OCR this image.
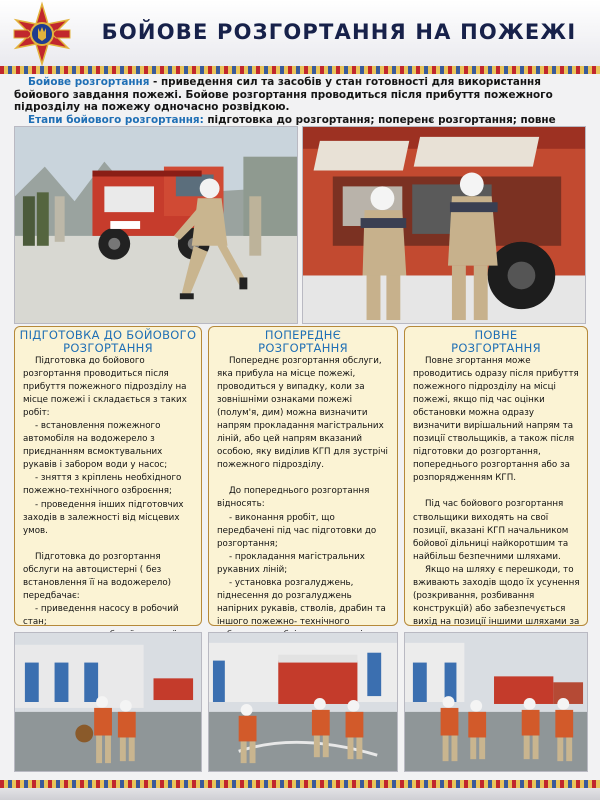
БОЙОВЕ РОЗГОРТАННЯ НА ПОЖЕЖІ

Бойове розгортання - приведення сил та засобів у стан готовності для використання бойового завдання пожежі. Бойове розгортання проводиться після прибуття пожежного підрозділу на пожежу одночасно розвідкою.

Етапи бойового розгортання: підготовка до розгортання; поперенє розгортання; повне

ПІДГОТОВКА ДО БОЙОВОГО
РОЗГОРТАННЯ

Підготовка до бойового розгортання проводиться після прибуття пожежного підрозділу на місце пожежі і складається з таких робіт:

- встановлення пожежного автомобіля на водожерело з приєднанням всмоктувальних рукавів і забором води у насос;

- зняття з кріплень необхідного пожежно-технічного озброєння;

- проведення інших підготовчих заходів в залежності від місцевих умов.

Підготовка до розгортання обслуги на автоцистерні ( без встановлення її на водожерело) передбачає:

- приведення насосу в робочий стан;

ПОПЕРЕДНЄ
РОЗГОРТАННЯ

Попереднє розгортання обслуги, яка прибула на місце пожежі, проводиться у випадку, коли за зовнішніми ознаками пожежі (полум'я, дим) можна визначити напрям прокладання магістральних ліній, або цей напрям вказаний особою, яку виділив КГП для зустрічі пожежного підрозділу.

До попереднього розгортання відносять:

- виконання рробіт, що передбачені під час підготовки до розгортання;

- прокладання магістральних рукавних ліній;

- установка розгалуджень, піднесення до розгалуджень напірних рукавів, стволів, драбин та іншого пожежно- технічного

ПОВНЕ
РОЗГОРТАННЯ

Повне згортання може проводитись одразу після прибуття пожежного підрозділу на місці пожежі, якщо під час оцінки обстановки можна одразу визначити вирішальний напрям та позиції ствольщиків, а також після підготовки до розгортання, попереднього розгортання або за розпорядженням КГП.

Під час бойового розгортання ствольщики виходять на свої позиції, вказані КГП начальником бойової дільниці найкоротшим та найбільш безпечними шляхами.

Якщо на шляху є перешкоди, то вживають заходів щодо їх усунення (розкривання, розбивання конструкцій) або забезпечується вихід на позиції іншими шляхами за
